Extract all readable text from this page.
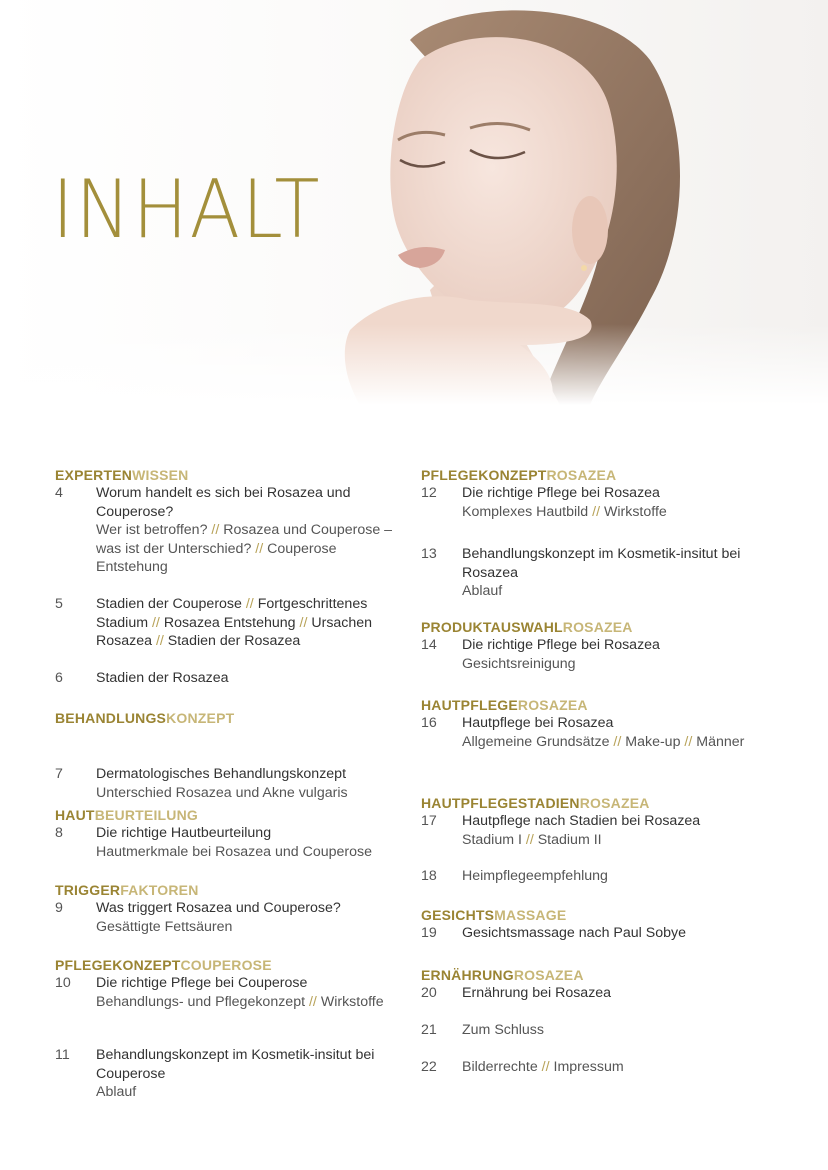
INHALT
EXPERTENWISSEN
4	Worum handelt es sich bei Rosazea und Couperose?
Wer ist betroffen? // Rosazea und Couperose – was ist der Unterschied? // Couperose Entstehung
5	Stadien der Couperose // Fortgeschrittenes Stadium // Rosazea Entstehung // Ursachen Rosazea // Stadien der Rosazea
6	Stadien der Rosazea
BEHANDLUNGSKONZEPT
7	Dermatologisches Behandlungskonzept
Unterschied Rosazea und Akne vulgaris
HAUTBEURTEILUNG
8	Die richtige Hautbeurteilung
Hautmerkmale bei Rosazea und Couperose
TRIGGERFAKTOREN
9	Was triggert Rosazea und Couperose?
Gesättigte Fettsäuren
PFLEGEKONZEPTCOUPEROSE
10	Die richtige Pflege bei Couperose
Behandlungs- und Pflegekonzept // Wirkstoffe
11	Behandlungskonzept im Kosmetik-insitut bei Couperose
Ablauf
PFLEGEKONZEPTROSAZEA
12	Die richtige Pflege bei Rosazea
Komplexes Hautbild // Wirkstoffe
13	Behandlungskonzept im Kosmetik-insitut bei Rosazea
Ablauf
PRODUKTAUSWAHLROSAZEA
14	Die richtige Pflege bei Rosazea
Gesichtsreinigung
HAUTPFLEGEROSAZEA
16	Hautpflege bei Rosazea
Allgemeine Grundsätze // Make-up // Männer
HAUTPFLEGESTADIENROSAZEA
17	Hautpflege nach Stadien bei Rosazea
Stadium I // Stadium II
18	Heimpflegeempfehlung
GESICHTSMASSAGE
19	Gesichtsmassage nach Paul Sobye
ERNÄHRUNGROSAZEA
20	Ernährung bei Rosazea
21	Zum Schluss
22	Bilderrechte // Impressum
